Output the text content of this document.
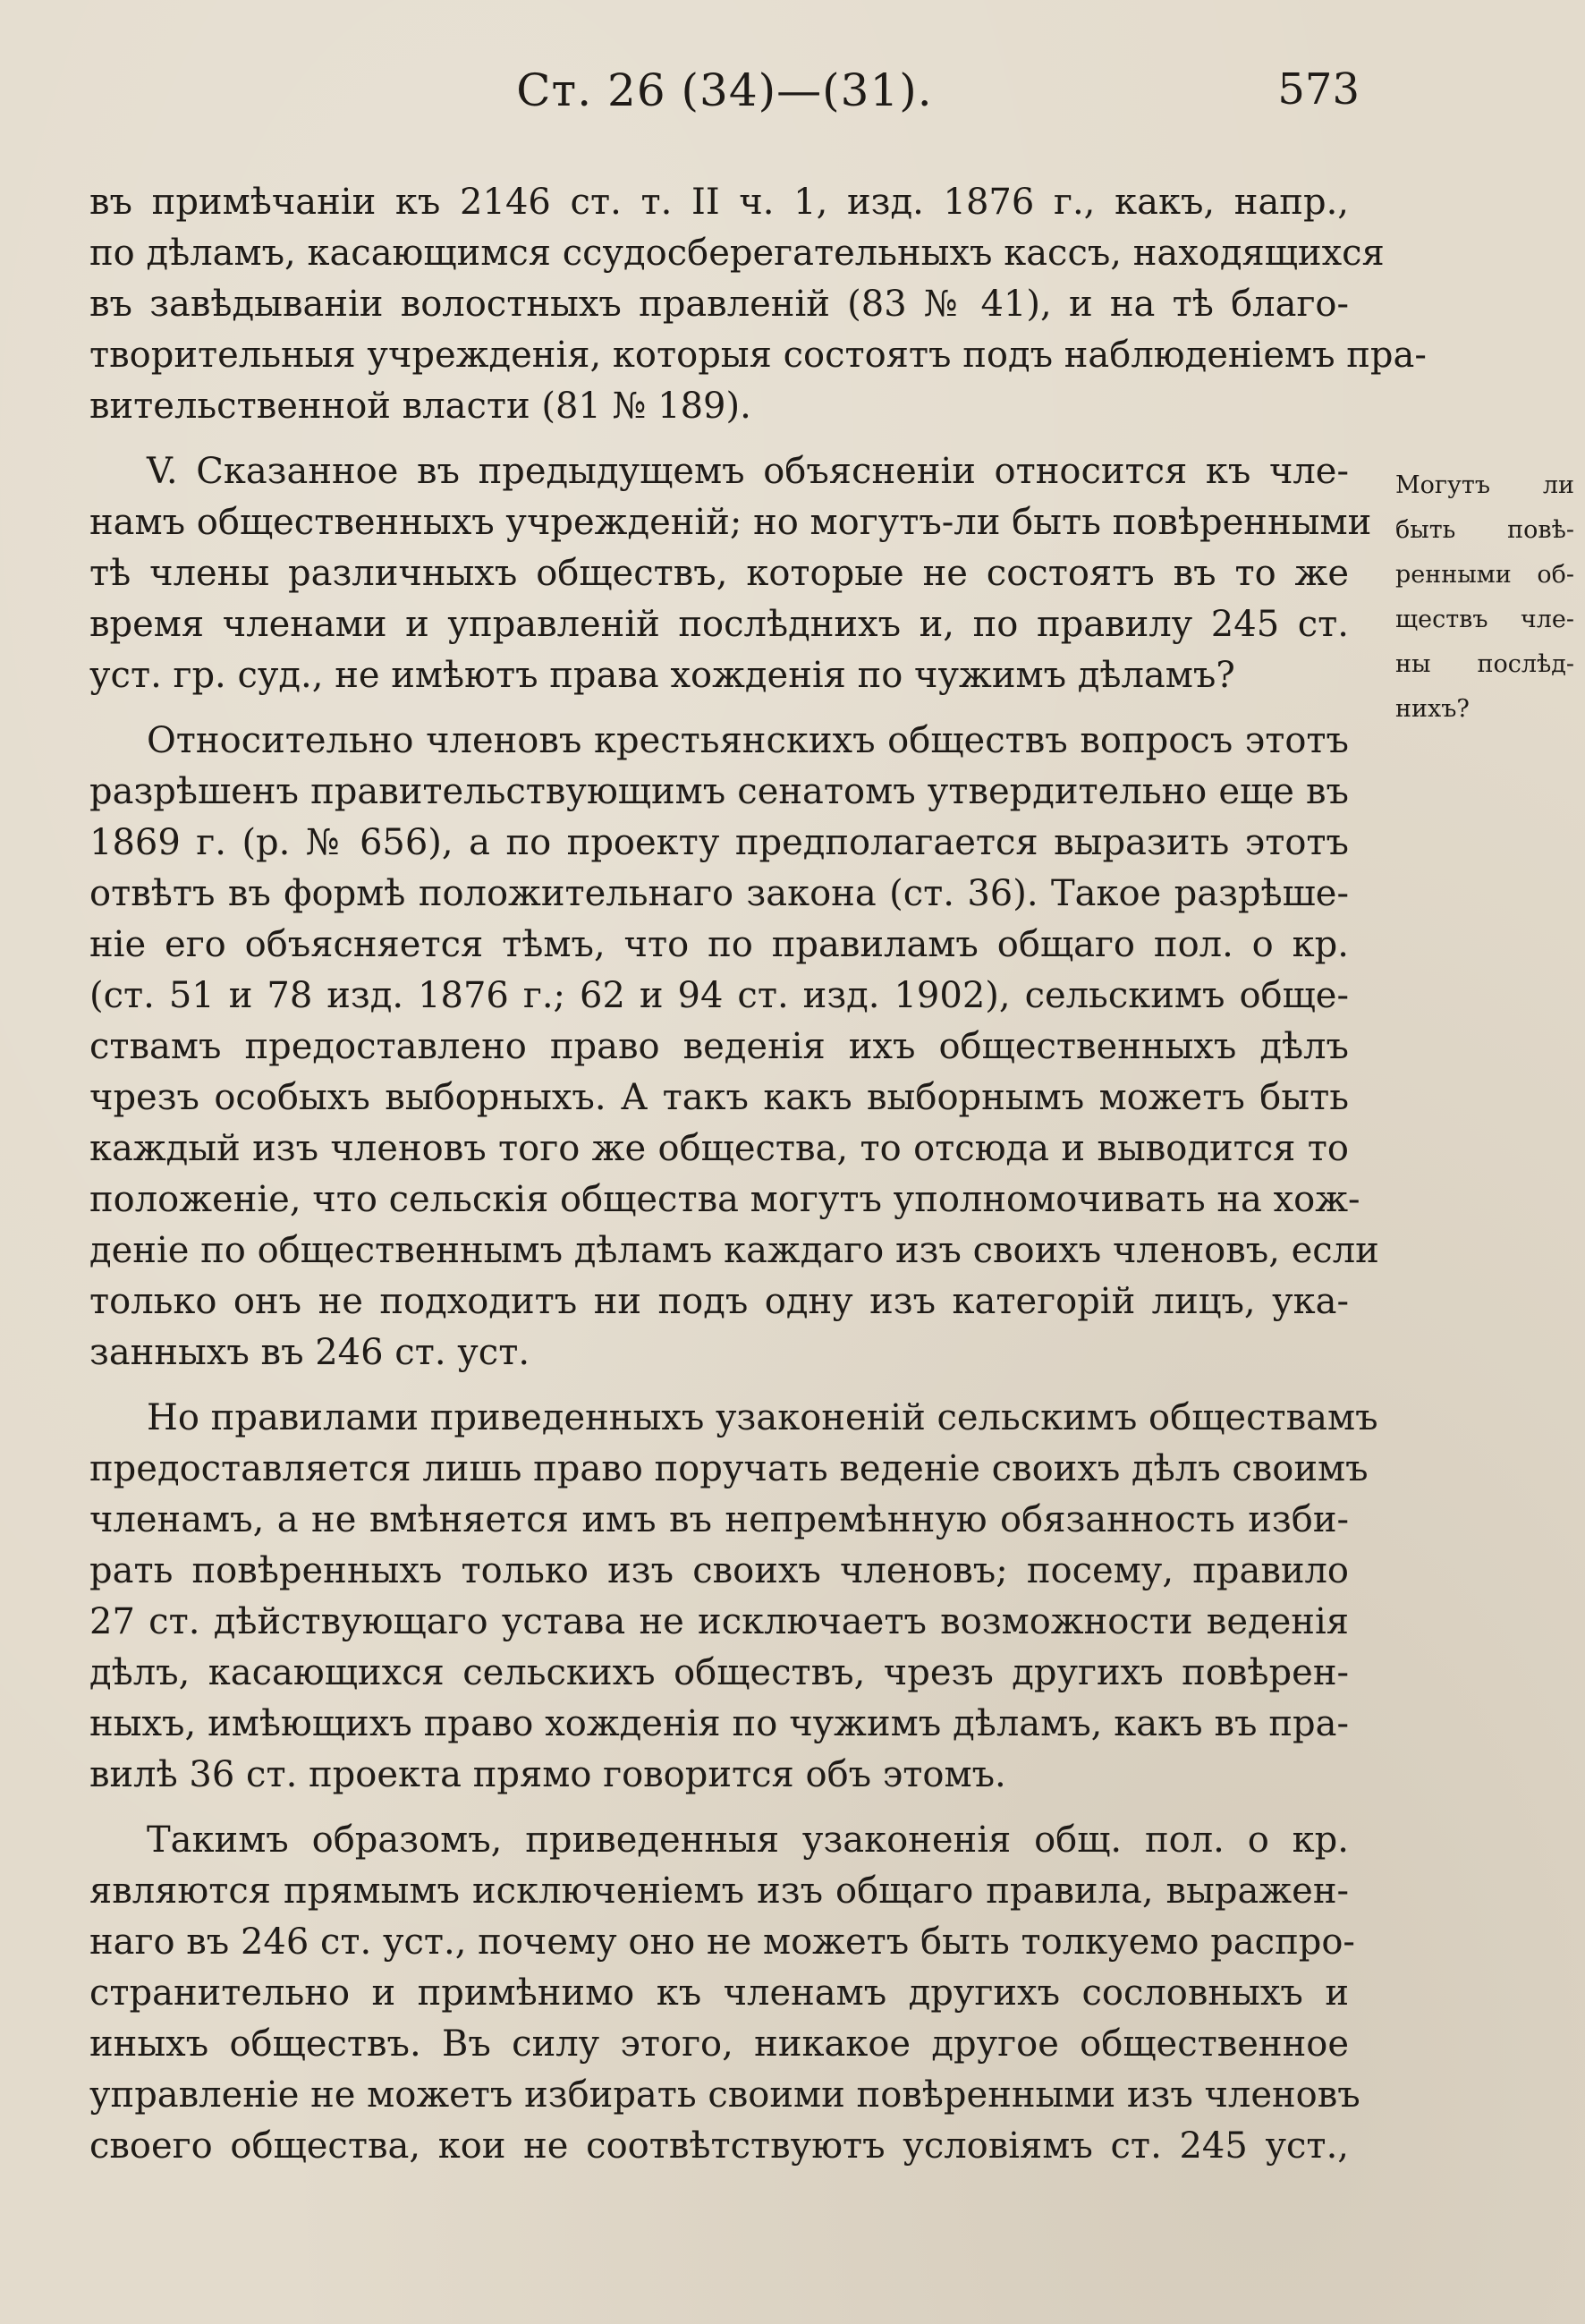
Ст. 26 (34)—(31).	573
въ примѣчаніи къ 2146 ст. т. II ч. 1, изд. 1876 г., какъ, напр.,
по дѣламъ, касающимся ссудосберегательныхъ кассъ, находящихся
въ завѣдываніи волостныхъ правленій (83 № 41), и на тѣ благо-
творительныя учрежденія, которыя состоятъ подъ наблюденіемъ пра-
вительственной власти (81 № 189).
V. Сказанное въ предыдущемъ объясненіи относится къ чле-
намъ общественныхъ учрежденій; но могутъ-ли быть повѣренными
тѣ члены различныхъ обществъ, которые не состоятъ въ то же
время членами и управленій послѣднихъ и, по правилу 245 ст.
уст. гр. суд., не имѣютъ права хожденія по чужимъ дѣламъ?
Относительно членовъ крестьянскихъ обществъ вопросъ этотъ
разрѣшенъ правительствующимъ сенатомъ утвердительно еще въ
1869 г. (р. № 656), а по проекту предполагается выразить этотъ
отвѣтъ въ формѣ положительнаго закона (ст. 36). Такое разрѣше-
ніе его объясняется тѣмъ, что по правиламъ общаго пол. о кр.
(ст. 51 и 78 изд. 1876 г.; 62 и 94 ст. изд. 1902), сельскимъ обще-
ствамъ предоставлено право веденія ихъ общественныхъ дѣлъ
чрезъ особыхъ выборныхъ. А такъ какъ выборнымъ можетъ быть
каждый изъ членовъ того же общества, то отсюда и выводится то
положеніе, что сельскія общества могутъ уполномочивать на хож-
деніе по общественнымъ дѣламъ каждаго изъ своихъ членовъ, если
только онъ не подходитъ ни подъ одну изъ категорій лицъ, ука-
занныхъ въ 246 ст. уст.
Но правилами приведенныхъ узаконеній сельскимъ обществамъ
предоставляется лишь право поручать веденіе своихъ дѣлъ своимъ
членамъ, а не вмѣняется имъ въ непремѣнную обязанность изби-
рать повѣренныхъ только изъ своихъ членовъ; посему, правило
27 ст. дѣйствующаго устава не исключаетъ возможности веденія
дѣлъ, касающихся сельскихъ обществъ, чрезъ другихъ повѣрен-
ныхъ, имѣющихъ право хожденія по чужимъ дѣламъ, какъ въ пра-
вилѣ 36 ст. проекта прямо говорится объ этомъ.
Такимъ образомъ, приведенныя узаконенія общ. пол. о кр.
являются прямымъ исключеніемъ изъ общаго правила, выражен-
наго въ 246 ст. уст., почему оно не можетъ быть толкуемо распро-
странительно и примѣнимо къ членамъ другихъ сословныхъ и
иныхъ обществъ. Въ силу этого, никакое другое общественное
управленіе не можетъ избирать своими повѣренными изъ членовъ
своего общества, кои не соотвѣтствуютъ условіямъ ст. 245 уст.,
Могутъ ли
быть повѣ-
ренными об-
ществъ чле-
ны послѣд-
нихъ?
